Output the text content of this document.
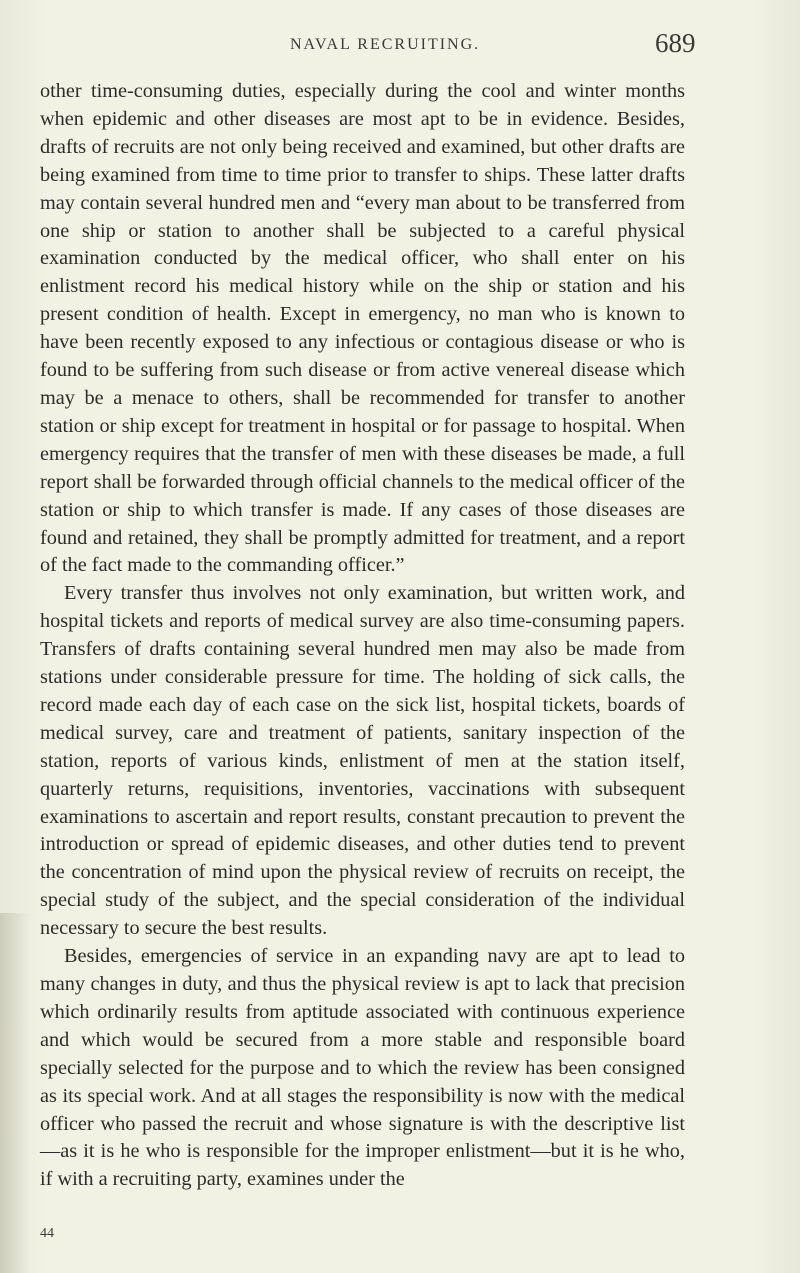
NAVAL RECRUITING.	689

other time-consuming duties, especially during the cool and winter months when epidemic and other diseases are most apt to be in evidence. Besides, drafts of recruits are not only being received and examined, but other drafts are being examined from time to time prior to transfer to ships. These latter drafts may contain several hundred men and “every man about to be transferred from one ship or station to another shall be subjected to a careful physical examination conducted by the medical officer, who shall enter on his enlistment record his medical history while on the ship or station and his present condition of health. Except in emergency, no man who is known to have been recently exposed to any infectious or contagious disease or who is found to be suffering from such disease or from active venereal disease which may be a menace to others, shall be recommended for transfer to another station or ship except for treatment in hospital or for passage to hospital. When emergency requires that the transfer of men with these diseases be made, a full report shall be forwarded through official channels to the medical officer of the station or ship to which transfer is made. If any cases of those diseases are found and retained, they shall be promptly admitted for treatment, and a report of the fact made to the commanding officer.”

Every transfer thus involves not only examination, but written work, and hospital tickets and reports of medical survey are also time-consuming papers. Transfers of drafts containing several hundred men may also be made from stations under considerable pressure for time. The holding of sick calls, the record made each day of each case on the sick list, hospital tickets, boards of medical survey, care and treatment of patients, sanitary inspection of the station, reports of various kinds, enlistment of men at the station itself, quarterly returns, requisitions, inventories, vaccinations with subsequent examinations to ascertain and report results, constant precaution to prevent the introduction or spread of epidemic diseases, and other duties tend to prevent the concentration of mind upon the physical review of recruits on receipt, the special study of the subject, and the special consideration of the individual necessary to secure the best results.

Besides, emergencies of service in an expanding navy are apt to lead to many changes in duty, and thus the physical review is apt to lack that precision which ordinarily results from aptitude associated with continuous experience and which would be secured from a more stable and responsible board specially selected for the purpose and to which the review has been consigned as its special work. And at all stages the responsibility is now with the medical officer who passed the recruit and whose signature is with the descriptive list—as it is he who is responsible for the improper enlistment—but it is he who, if with a recruiting party, examines under the

44
